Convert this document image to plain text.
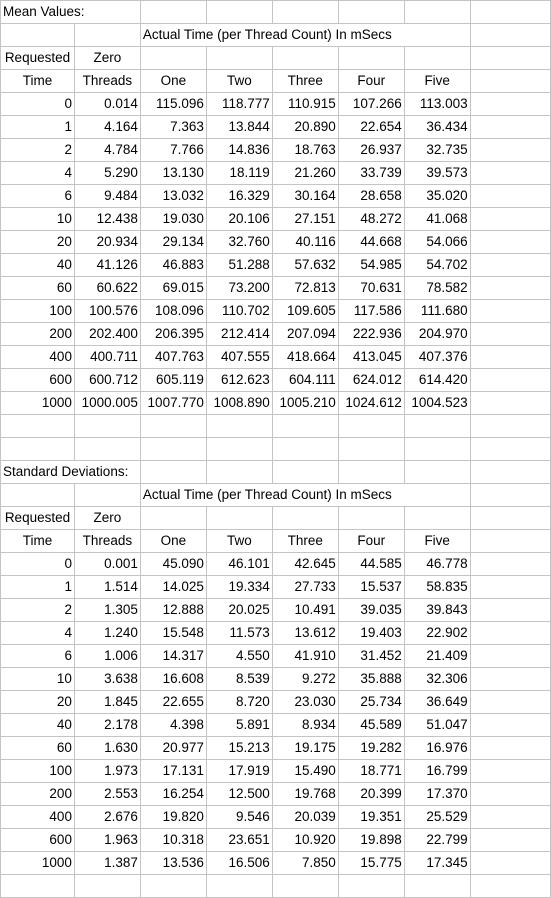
Mean Values:							
		Actual Time (per Thread Count) In mSecs					
Requested	Zero						
Time	Threads	One	Two	Three	Four	Five	
0	0.014	115.096	118.777	110.915	107.266	113.003	
1	4.164	7.363	13.844	20.890	22.654	36.434	
2	4.784	7.766	14.836	18.763	26.937	32.735	
4	5.290	13.130	18.119	21.260	33.739	39.573	
6	9.484	13.032	16.329	30.164	28.658	35.020	
10	12.438	19.030	20.106	27.151	48.272	41.068	
20	20.934	29.134	32.760	40.116	44.668	54.066	
40	41.126	46.883	51.288	57.632	54.985	54.702	
60	60.622	69.015	73.200	72.813	70.631	78.582	
100	100.576	108.096	110.702	109.605	117.586	111.680	
200	202.400	206.395	212.414	207.094	222.936	204.970	
400	400.711	407.763	407.555	418.664	413.045	407.376	
600	600.712	605.119	612.623	604.111	624.012	614.420	
1000	1000.005	1007.770	1008.890	1005.210	1024.612	1004.523	

Standard Deviations:							
		Actual Time (per Thread Count) In mSecs					
Requested	Zero						
Time	Threads	One	Two	Three	Four	Five	
0	0.001	45.090	46.101	42.645	44.585	46.778	
1	1.514	14.025	19.334	27.733	15.537	58.835	
2	1.305	12.888	20.025	10.491	39.035	39.843	
4	1.240	15.548	11.573	13.612	19.403	22.902	
6	1.006	14.317	4.550	41.910	31.452	21.409	
10	3.638	16.608	8.539	9.272	35.888	32.306	
20	1.845	22.655	8.720	23.030	25.734	36.649	
40	2.178	4.398	5.891	8.934	45.589	51.047	
60	1.630	20.977	15.213	19.175	19.282	16.976	
100	1.973	17.131	17.919	15.490	18.771	16.799	
200	2.553	16.254	12.500	19.768	20.399	17.370	
400	2.676	19.820	9.546	20.039	19.351	25.529	
600	1.963	10.318	23.651	10.920	19.898	22.799	
1000	1.387	13.536	16.506	7.850	15.775	17.345	
